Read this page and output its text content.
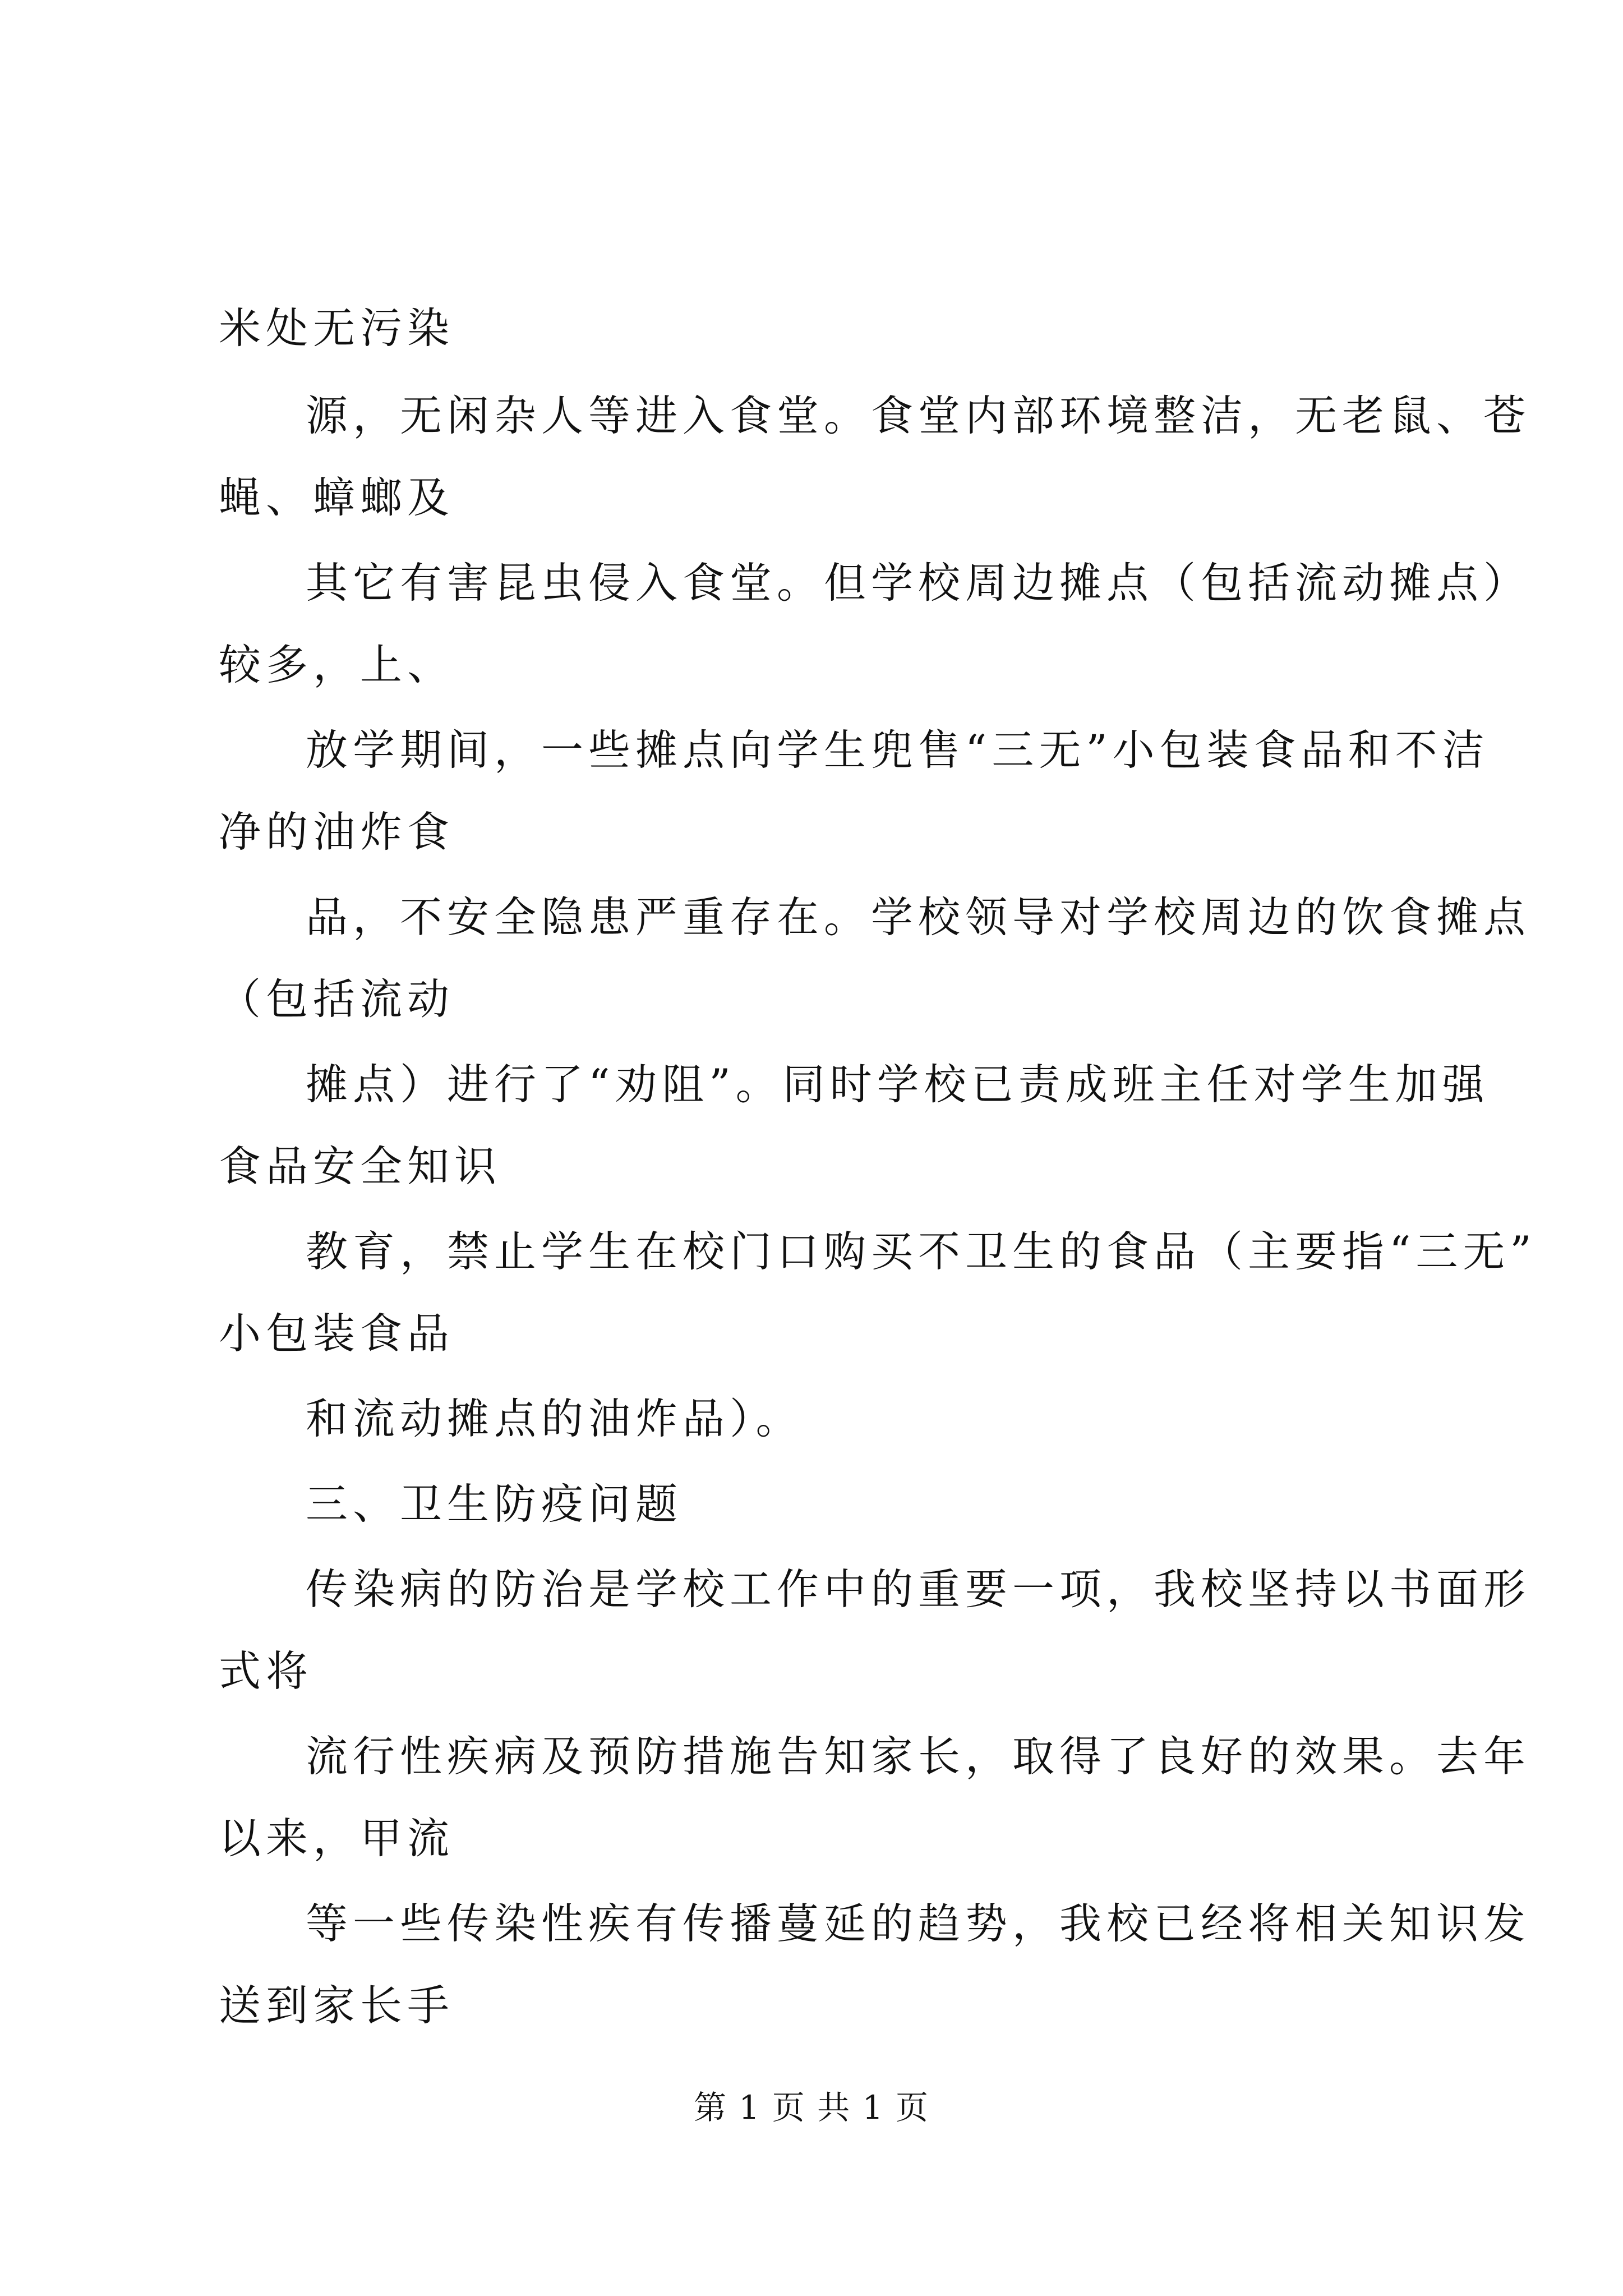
米处无污染
源，无闲杂人等进入食堂。食堂内部环境整洁，无老鼠、苍
蝇、蟑螂及
其它有害昆虫侵入食堂。但学校周边摊点（包括流动摊点）
较多，上、
放学期间，一些摊点向学生兜售“三无”小包装食品和不洁
净的油炸食
品，不安全隐患严重存在。学校领导对学校周边的饮食摊点
（包括流动
摊点）进行了“劝阻”。同时学校已责成班主任对学生加强
食品安全知识
教育，禁止学生在校门口购买不卫生的食品（主要指“三无”
小包装食品
和流动摊点的油炸品）。
三、卫生防疫问题
传染病的防治是学校工作中的重要一项，我校坚持以书面形
式将
流行性疾病及预防措施告知家长，取得了良好的效果。去年
以来，甲流
等一些传染性疾有传播蔓延的趋势，我校已经将相关知识发
送到家长手
第 1 页 共 1 页
